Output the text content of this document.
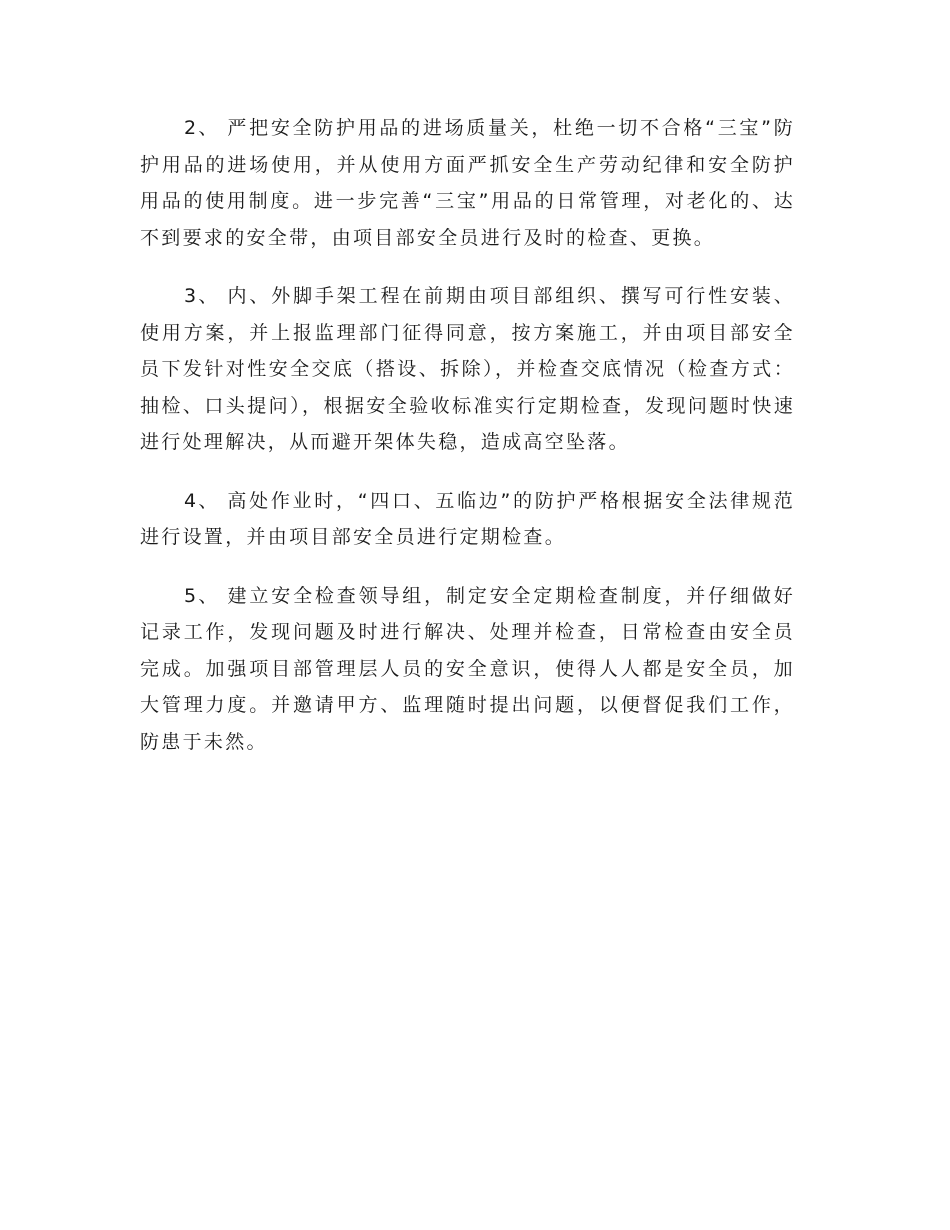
2、 严把安全防护用品的进场质量关，杜绝一切不合格“三宝”防护用品的进场使用，并从使用方面严抓安全生产劳动纪律和安全防护用品的使用制度。进一步完善“三宝”用品的日常管理，对老化的、达不到要求的安全带，由项目部安全员进行及时的检查、更换。

3、 内、外脚手架工程在前期由项目部组织、撰写可行性安装、使用方案，并上报监理部门征得同意，按方案施工，并由项目部安全员下发针对性安全交底（搭设、拆除），并检查交底情况（检查方式：抽检、口头提问），根据安全验收标准实行定期检查，发现问题时快速进行处理解决，从而避开架体失稳，造成高空坠落。

4、 高处作业时，“四口、五临边”的防护严格根据安全法律规范进行设置，并由项目部安全员进行定期检查。

5、 建立安全检查领导组，制定安全定期检查制度，并仔细做好记录工作，发现问题及时进行解决、处理并检查，日常检查由安全员完成。加强项目部管理层人员的安全意识，使得人人都是安全员，加大管理力度。并邀请甲方、监理随时提出问题，以便督促我们工作，防患于未然。
